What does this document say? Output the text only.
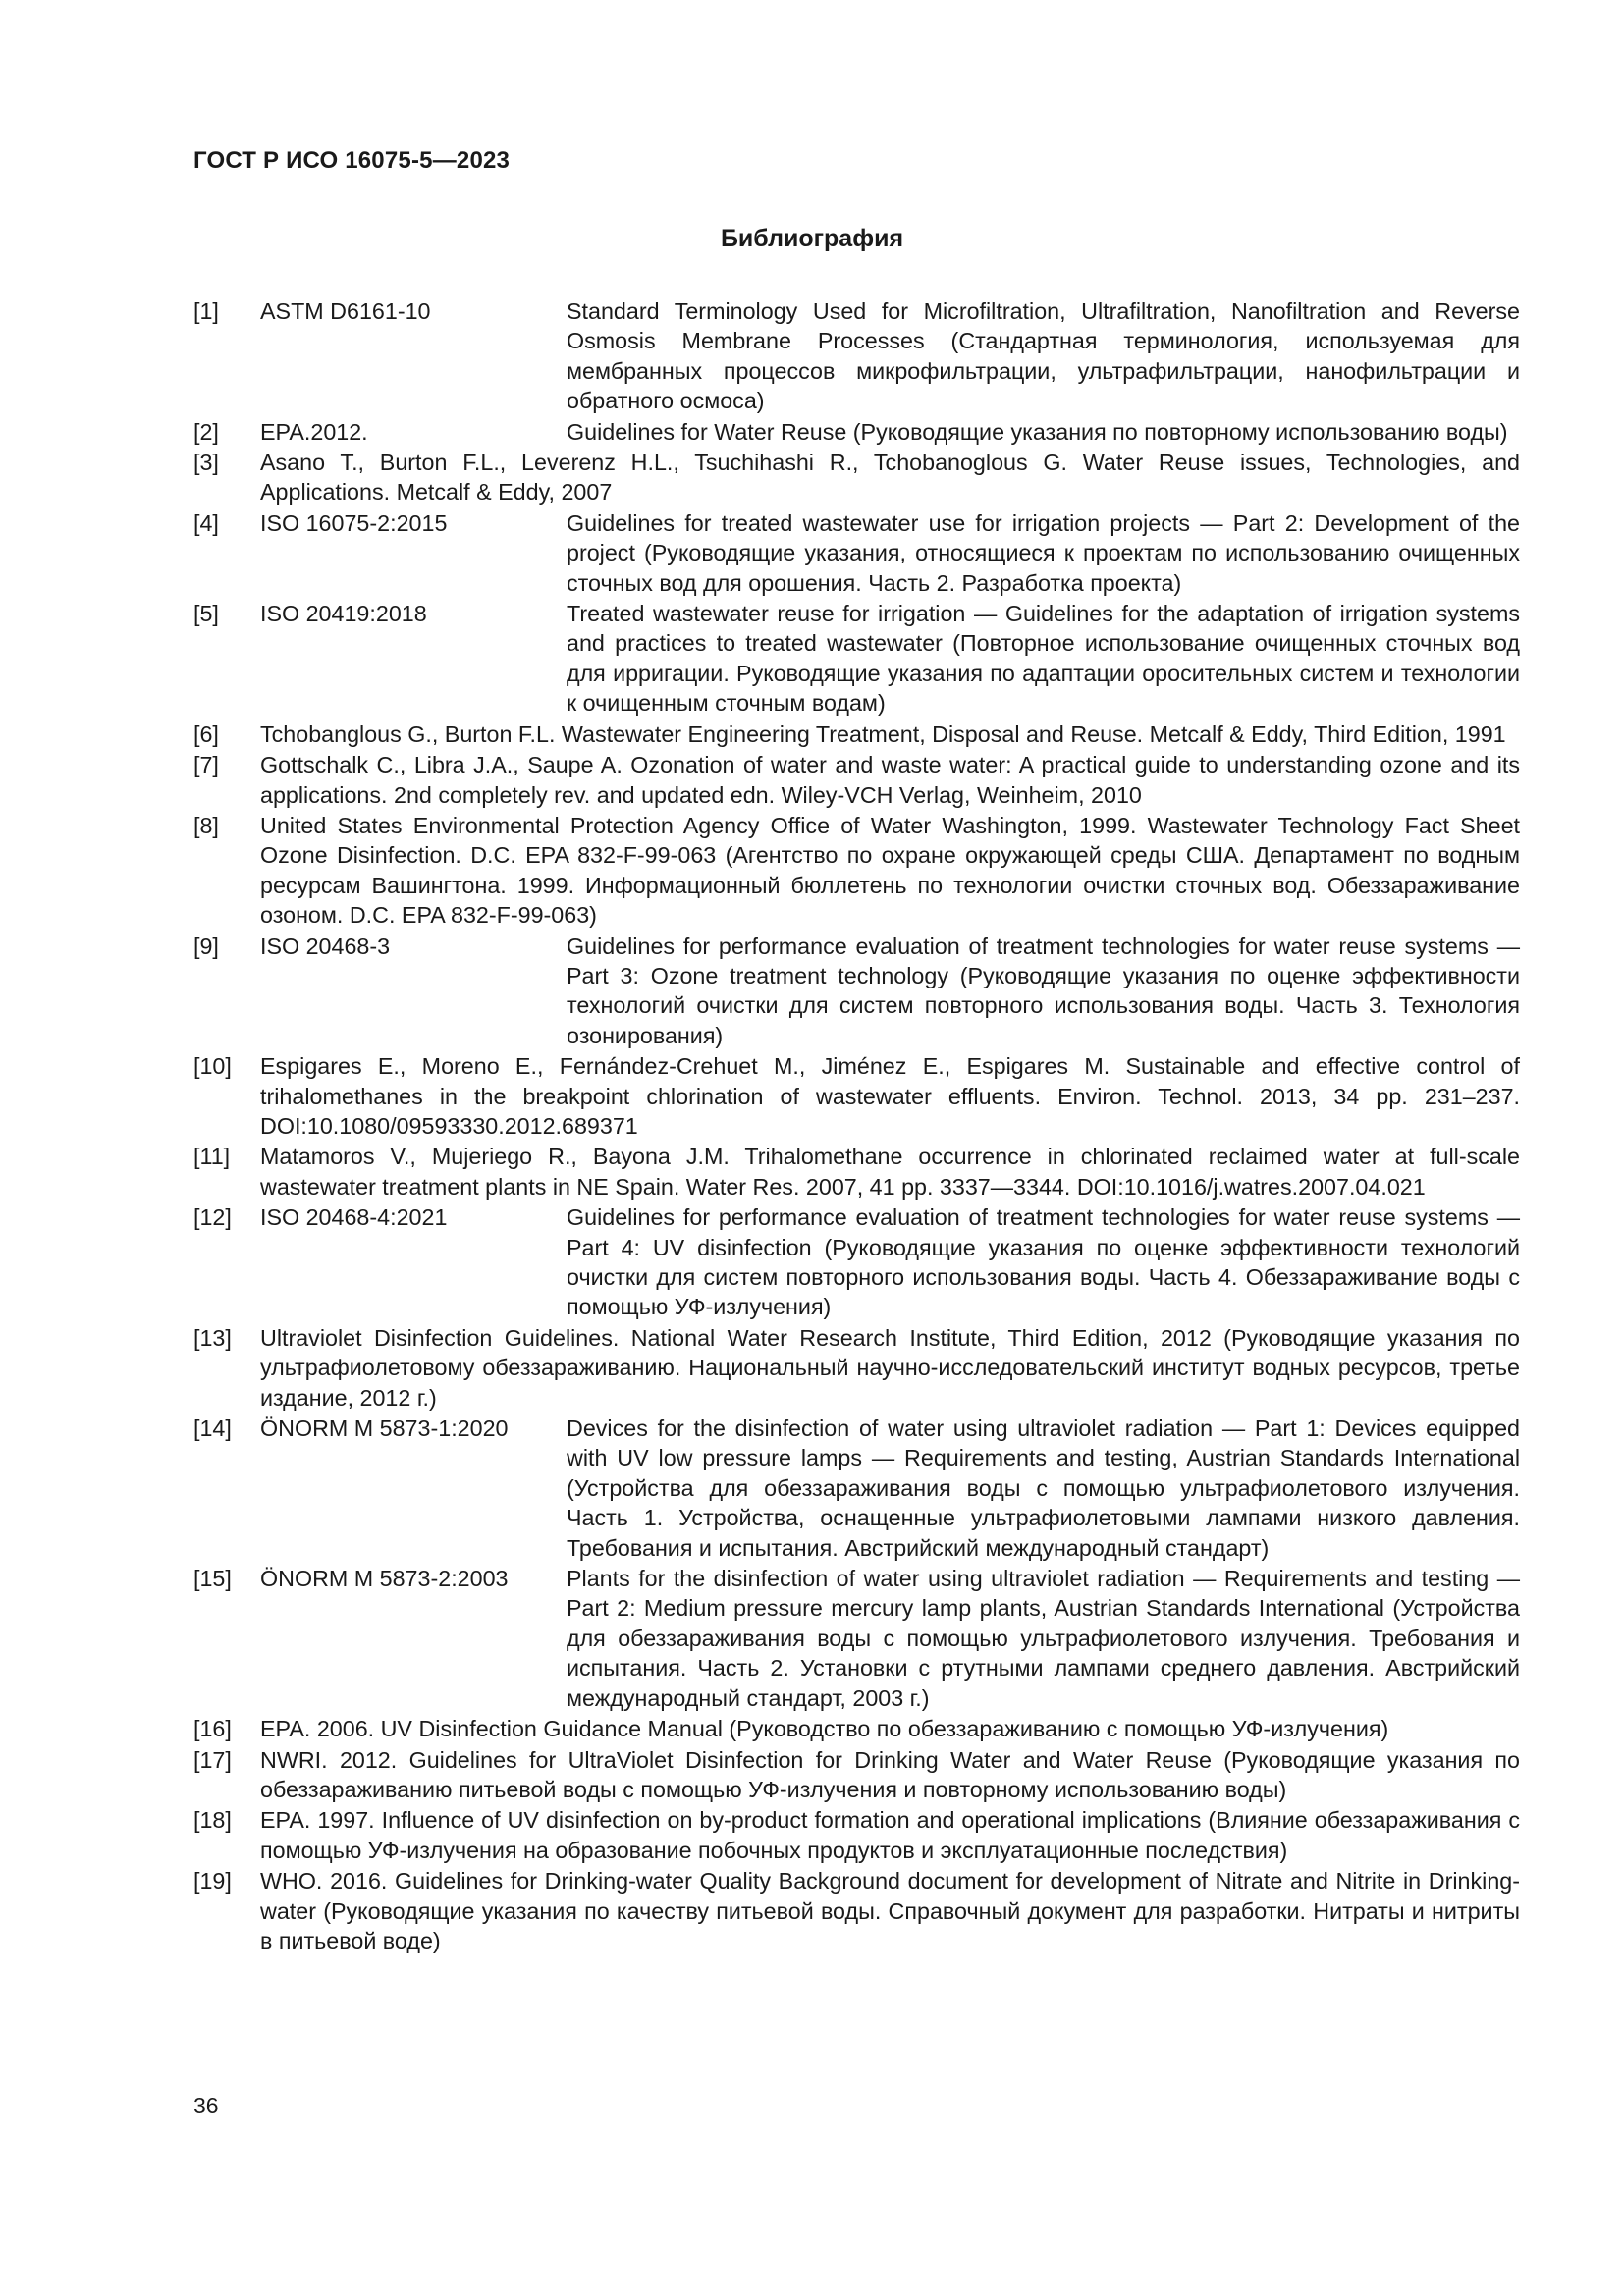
ГОСТ Р ИСО 16075-5—2023
Библиография
[1]	ASTM D6161-10	Standard Terminology Used for Microfiltration, Ultrafiltration, Nanofiltration and Reverse Osmosis Membrane Processes (Стандартная терминология, используемая для мембранных процессов микрофильтрации, ультрафильтрации, нанофильтрации и обратного осмоса)
[2]	EPA.2012.	Guidelines for Water Reuse (Руководящие указания по повторному использованию воды)
[3]	Asano T., Burton F.L., Leverenz H.L., Tsuchihashi R., Tchobanoglous G. Water Reuse issues, Technologies, and Applications. Metcalf & Eddy, 2007
[4]	ISO 16075-2:2015	Guidelines for treated wastewater use for irrigation projects — Part 2: Development of the project (Руководящие указания, относящиеся к проектам по использованию очищенных сточных вод для орошения. Часть 2. Разработка проекта)
[5]	ISO 20419:2018	Treated wastewater reuse for irrigation — Guidelines for the adaptation of irrigation systems and practices to treated wastewater (Повторное использование очищенных сточных вод для ирригации. Руководящие указания по адаптации оросительных систем и технологии к очищенным сточным водам)
[6]	Tchobanglous G., Burton F.L. Wastewater Engineering Treatment, Disposal and Reuse. Metcalf & Eddy, Third Edition, 1991
[7]	Gottschalk C., Libra J.A., Saupe A. Ozonation of water and waste water: A practical guide to understanding ozone and its applications. 2nd completely rev. and updated edn. Wiley-VCH Verlag, Weinheim, 2010
[8]	United States Environmental Protection Agency Office of Water Washington, 1999. Wastewater Technology Fact Sheet Ozone Disinfection. D.C. EPA 832-F-99-063 (Агентство по охране окружающей среды США. Департамент по водным ресурсам Вашингтона. 1999. Информационный бюллетень по технологии очистки сточных вод. Обеззараживание озоном. D.C. EPA 832-F-99-063)
[9]	ISO 20468-3	Guidelines for performance evaluation of treatment technologies for water reuse systems — Part 3: Ozone treatment technology (Руководящие указания по оценке эффективности технологий очистки для систем повторного использования воды. Часть 3. Технология озонирования)
[10]	Espigares E., Moreno E., Fernández-Crehuet M., Jiménez E., Espigares M. Sustainable and effective control of trihalomethanes in the breakpoint chlorination of wastewater effluents. Environ. Technol. 2013, 34 pp. 231–237. DOI:10.1080/09593330.2012.689371
[11]	Matamoros V., Mujeriego R., Bayona J.M. Trihalomethane occurrence in chlorinated reclaimed water at full-scale wastewater treatment plants in NE Spain. Water Res. 2007, 41 pp. 3337—3344. DOI:10.1016/j.watres.2007.04.021
[12]	ISO 20468-4:2021	Guidelines for performance evaluation of treatment technologies for water reuse systems — Part 4: UV disinfection (Руководящие указания по оценке эффективности технологий очистки для систем повторного использования воды. Часть 4. Обеззараживание воды с помощью УФ-излучения)
[13]	Ultraviolet Disinfection Guidelines. National Water Research Institute, Third Edition, 2012 (Руководящие указания по ультрафиолетовому обеззараживанию. Национальный научно-исследовательский институт водных ресурсов, третье издание, 2012 г.)
[14]	ÖNORM M 5873-1:2020	Devices for the disinfection of water using ultraviolet radiation — Part 1: Devices equipped with UV low pressure lamps — Requirements and testing, Austrian Standards International (Устройства для обеззараживания воды с помощью ультрафиолетового излучения. Часть 1. Устройства, оснащенные ультрафиолетовыми лампами низкого давления. Требования и испытания. Австрийский международный стандарт)
[15]	ÖNORM M 5873-2:2003	Plants for the disinfection of water using ultraviolet radiation — Requirements and testing — Part 2: Medium pressure mercury lamp plants, Austrian Standards International (Устройства для обеззараживания воды с помощью ультрафиолетового излучения. Требования и испытания. Часть 2. Установки с ртутными лампами среднего давления. Австрийский международный стандарт, 2003 г.)
[16]	EPA. 2006. UV Disinfection Guidance Manual (Руководство по обеззараживанию с помощью УФ-излучения)
[17]	NWRI. 2012. Guidelines for UltraViolet Disinfection for Drinking Water and Water Reuse (Руководящие указания по обеззараживанию питьевой воды с помощью УФ-излучения и повторному использованию воды)
[18]	EPA. 1997. Influence of UV disinfection on by-product formation and operational implications (Влияние обеззараживания с помощью УФ-излучения на образование побочных продуктов и эксплуатационные последствия)
[19]	WHO. 2016. Guidelines for Drinking-water Quality Background document for development of Nitrate and Nitrite in Drinking-water (Руководящие указания по качеству питьевой воды. Справочный документ для разработки. Нитраты и нитриты в питьевой воде)
36
